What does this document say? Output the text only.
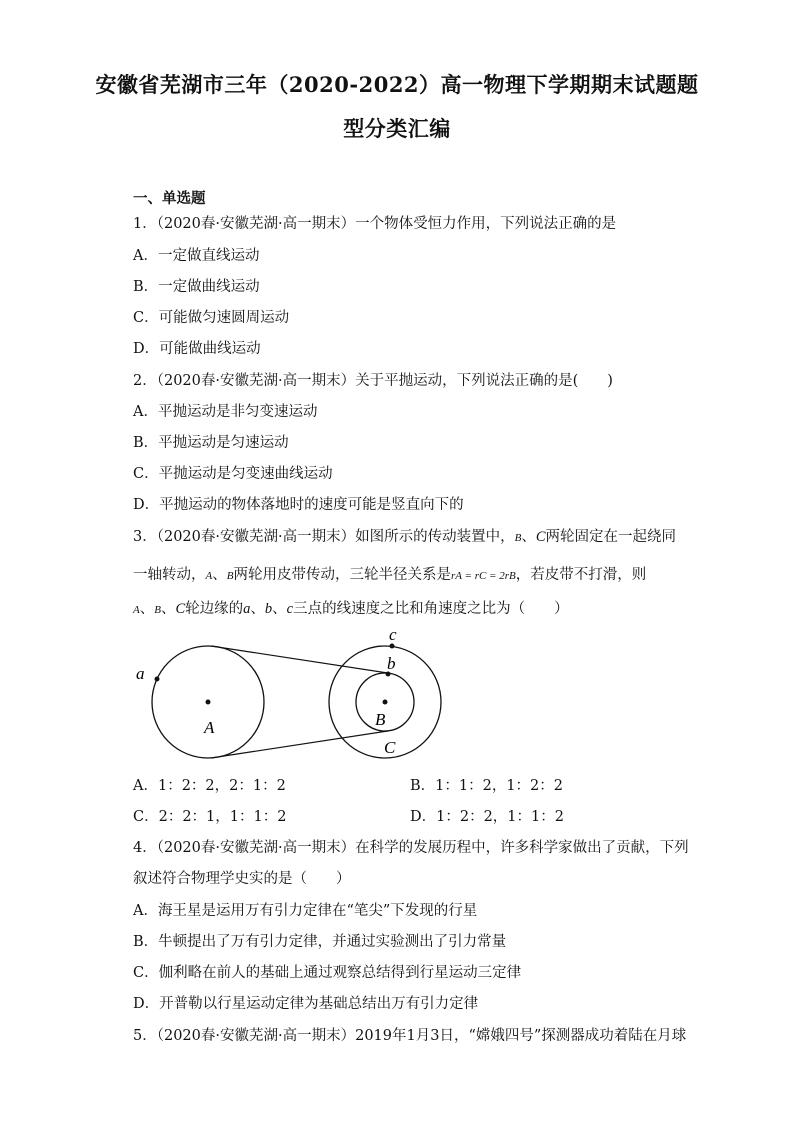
安徽省芜湖市三年（2020-2022）高一物理下学期期末试题题
型分类汇编
一、单选题
1．（2020春·安徽芜湖·高一期末）一个物体受恒力作用，下列说法正确的是
A．一定做直线运动
B．一定做曲线运动
C．可能做匀速圆周运动
D．可能做曲线运动
2．（2020春·安徽芜湖·高一期末）关于平抛运动，下列说法正确的是(　　)
A．平抛运动是非匀变速运动
B．平抛运动是匀速运动
C．平抛运动是匀变速曲线运动
D．平抛运动的物体落地时的速度可能是竖直向下的
3．（2020春·安徽芜湖·高一期末）如图所示的传动装置中，B、C两轮固定在一起绕同
一轴转动，A、B两轮用皮带传动，三轮半径关系是rA = rC = 2rB，若皮带不打滑，则
A、B、C轮边缘的a、b、c三点的线速度之比和角速度之比为（　　）
a
A
c
b
B
C
A．1：2：2，2：1：2	B．1：1：2，1：2：2
C．2：2：1，1：1：2	D．1：2：2，1：1：2
4．（2020春·安徽芜湖·高一期末）在科学的发展历程中，许多科学家做出了贡献，下列
叙述符合物理学史实的是（　　）
A．海王星是运用万有引力定律在“笔尖”下发现的行星
B．牛顿提出了万有引力定律，并通过实验测出了引力常量
C．伽利略在前人的基础上通过观察总结得到行星运动三定律
D．开普勒以行星运动定律为基础总结出万有引力定律
5．（2020春·安徽芜湖·高一期末）2019年1月3日，“嫦娥四号”探测器成功着陆在月球
